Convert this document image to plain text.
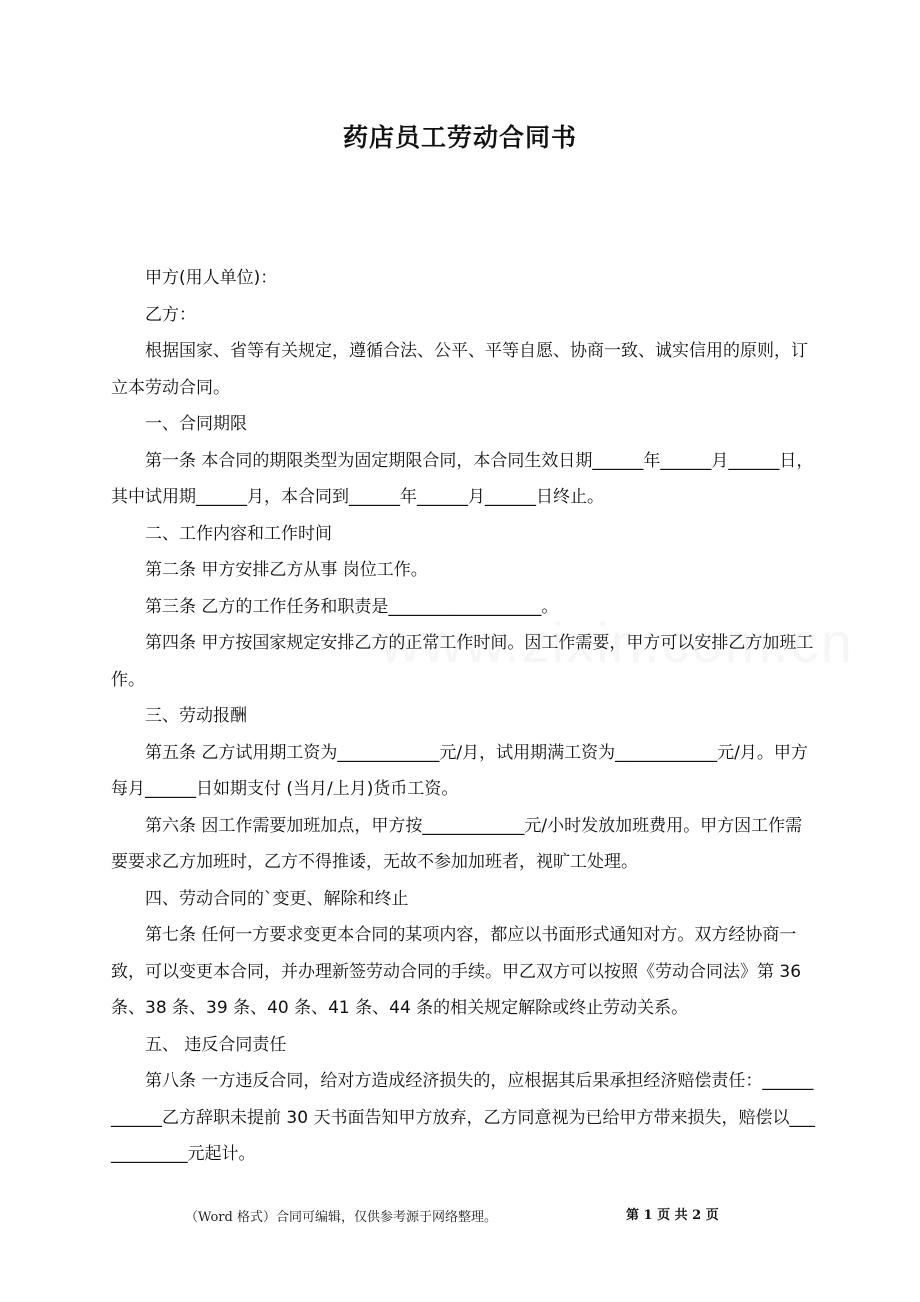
药店员工劳动合同书

甲方(用人单位)：

乙方：

根据国家、省等有关规定，遵循合法、公平、平等自愿、协商一致、诚实信用的原则，订立本劳动合同。

一、合同期限

第一条 本合同的期限类型为固定期限合同，本合同生效日期______年______月______日，其中试用期______月，本合同到______年______月______日终止。

二、工作内容和工作时间

第二条 甲方安排乙方从事 岗位工作。

第三条 乙方的工作任务和职责是__________________。

第四条 甲方按国家规定安排乙方的正常工作时间。因工作需要，甲方可以安排乙方加班工作。

三、劳动报酬

第五条 乙方试用期工资为____________元/月，试用期满工资为____________元/月。甲方每月______日如期支付 (当月/上月)货币工资。

第六条 因工作需要加班加点，甲方按____________元/小时发放加班费用。甲方因工作需要要求乙方加班时，乙方不得推诿，无故不参加加班者，视旷工处理。

四、劳动合同的`变更、解除和终止

第七条 任何一方要求变更本合同的某项内容，都应以书面形式通知对方。双方经协商一致，可以变更本合同，并办理新签劳动合同的手续。甲乙双方可以按照《劳动合同法》第 36 条、38 条、39 条、40 条、41 条、44 条的相关规定解除或终止劳动关系。

五、 违反合同责任

第八条 一方违反合同，给对方造成经济损失的，应根据其后果承担经济赔偿责任：____________乙方辞职未提前 30 天书面告知甲方放弃，乙方同意视为已给甲方带来损失，赔偿以____________元起计。

（Word 格式）合同可编辑，仅供参考源于网络整理。	第 1 页 共 2 页
